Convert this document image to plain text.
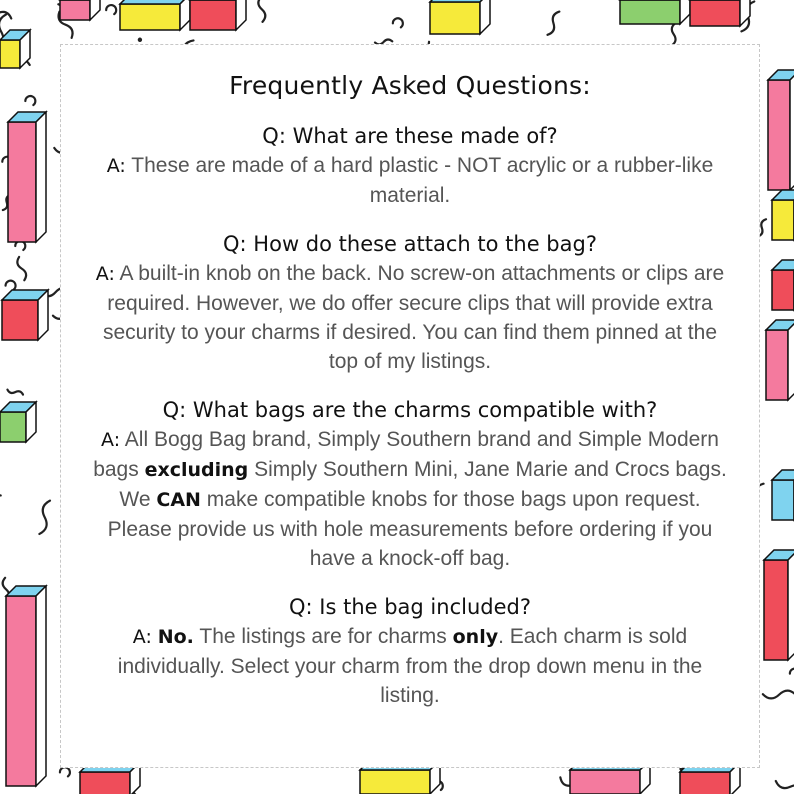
Frequently Asked Questions:
Q: What are these made of?
A: These are made of a hard plastic - NOT acrylic or a rubber-like material.
Q: How do these attach to the bag?
A: A built-in knob on the back. No screw-on attachments or clips are required. However, we do offer secure clips that will provide extra security to your charms if desired. You can find them pinned at the top of my listings.
Q: What bags are the charms compatible with?
A: All Bogg Bag brand, Simply Southern brand and Simple Modern bags excluding Simply Southern Mini, Jane Marie and Crocs bags. We CAN make compatible knobs for those bags upon request. Please provide us with hole measurements before ordering if you have a knock-off bag.
Q: Is the bag included?
A: No. The listings are for charms only. Each charm is sold individually. Select your charm from the drop down menu in the listing.
